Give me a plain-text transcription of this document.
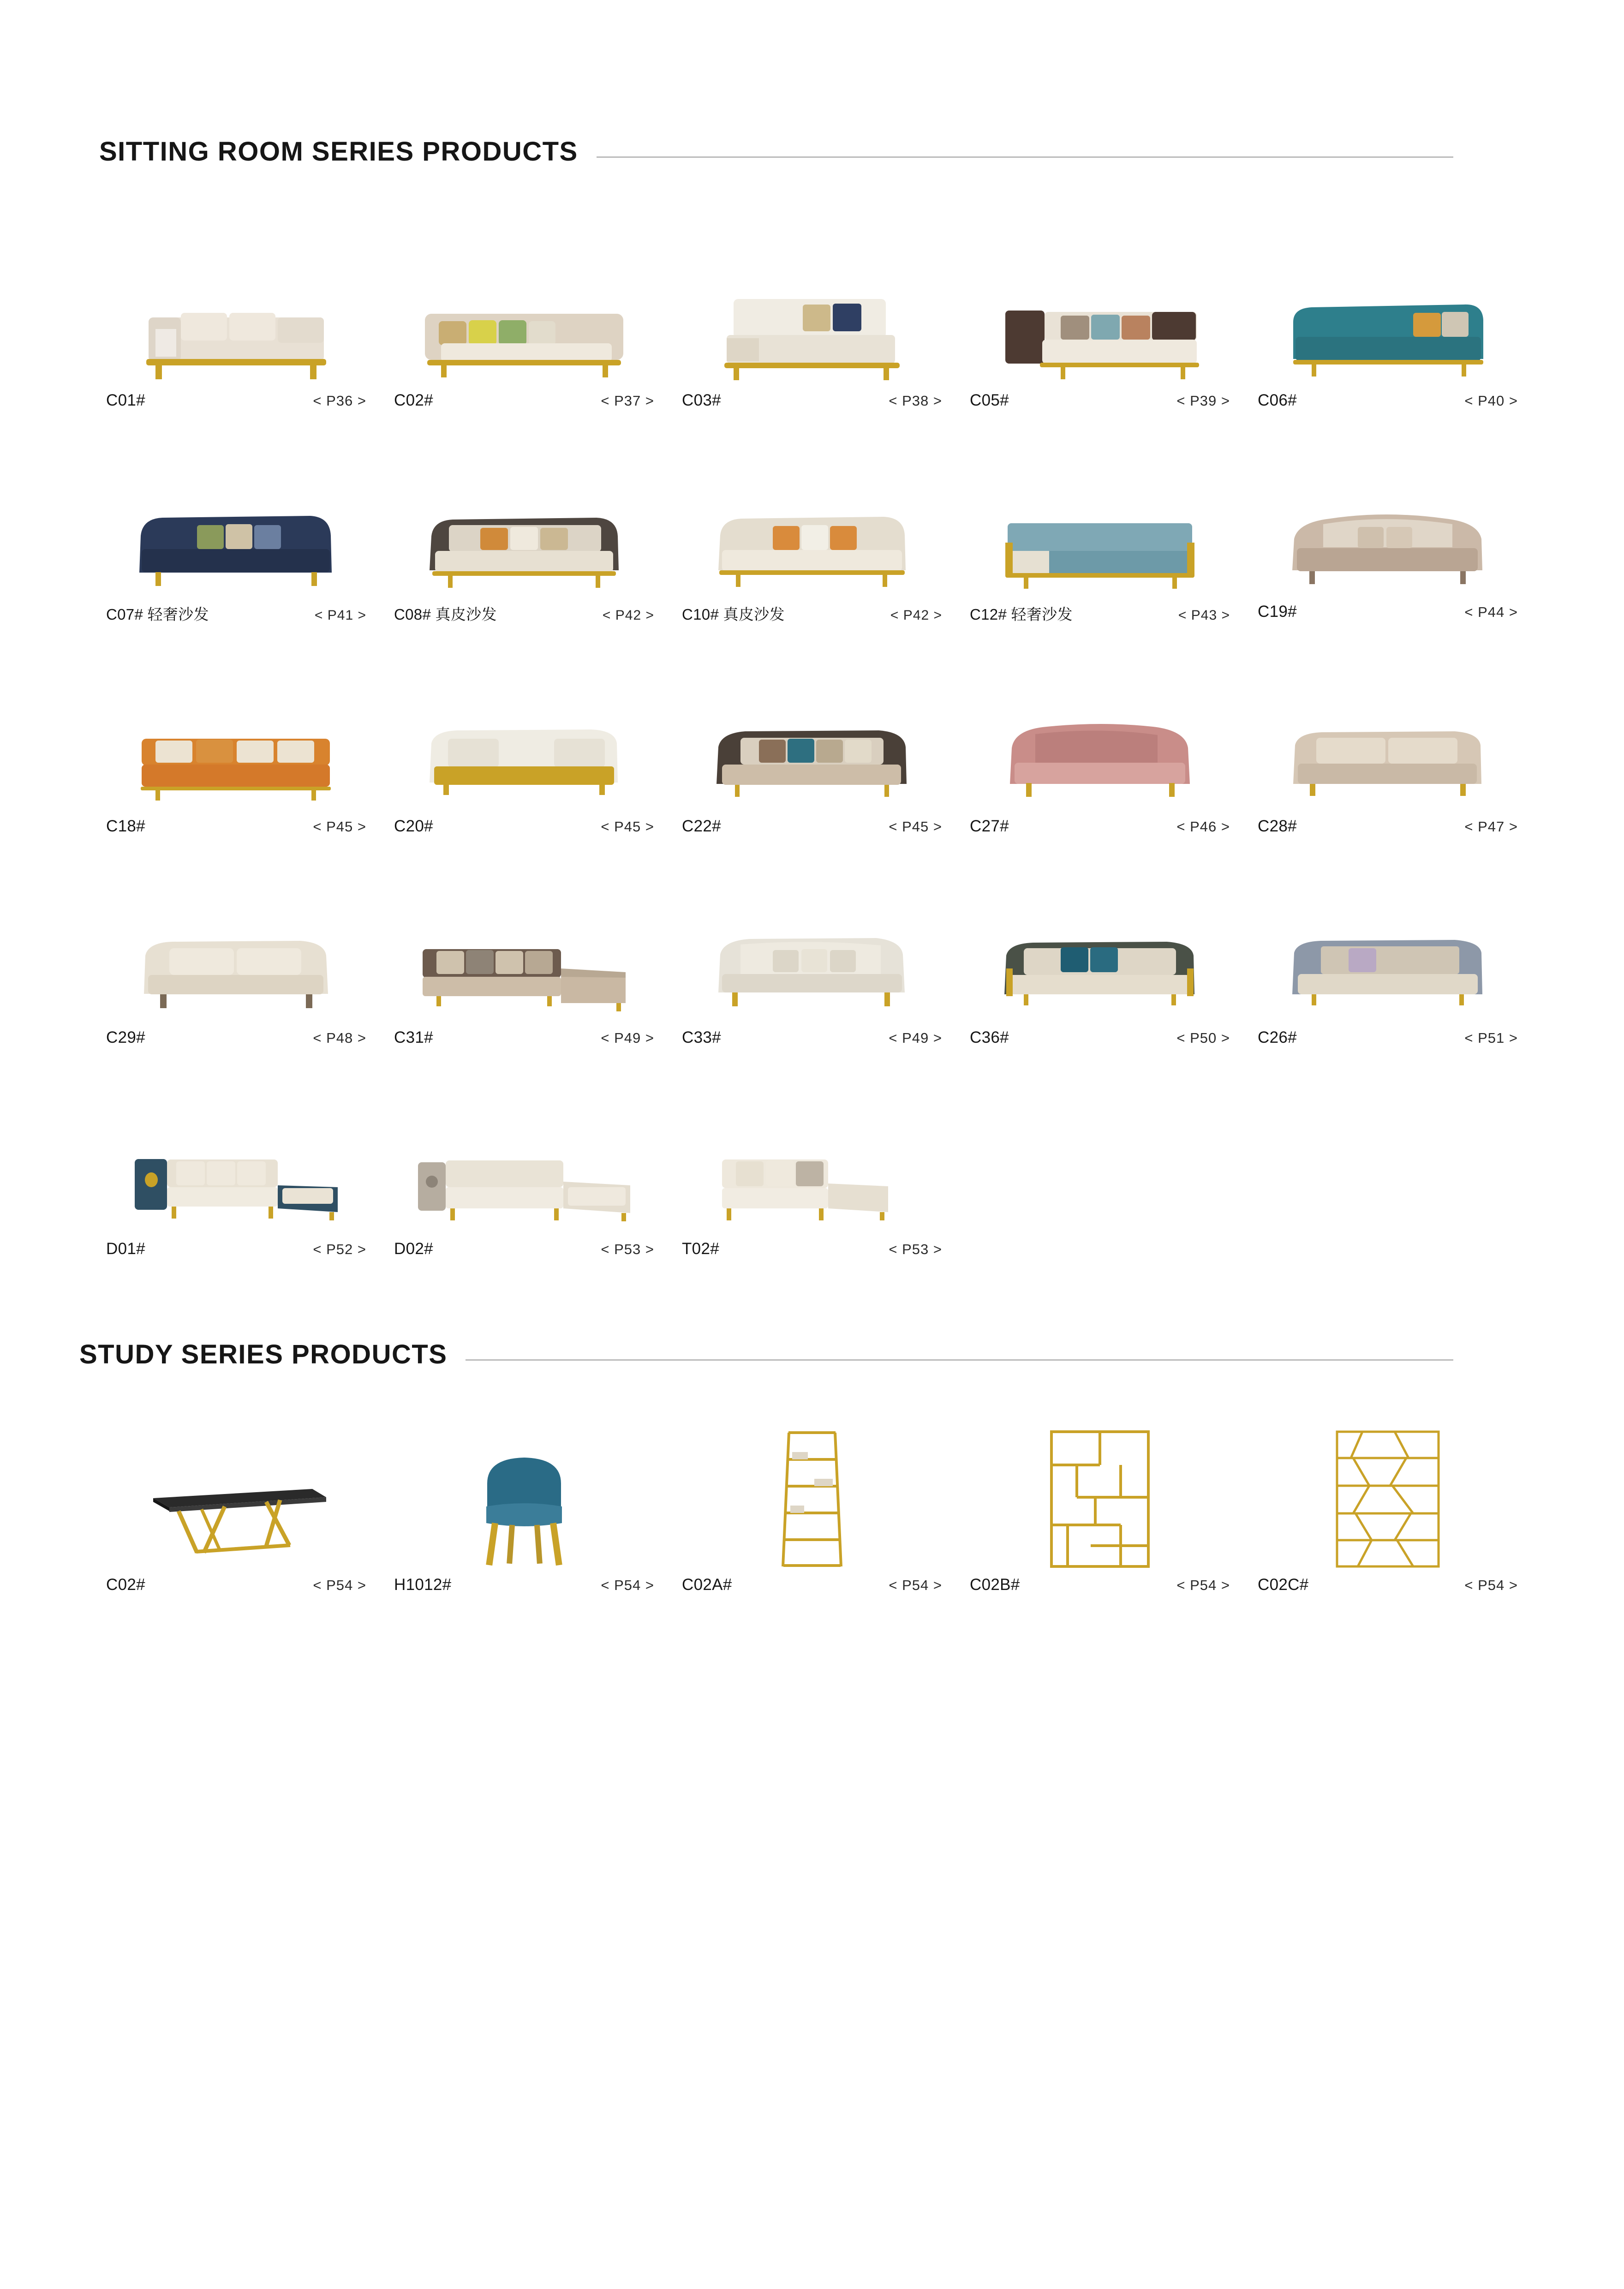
SITTING ROOM SERIES PRODUCTS
C01#	< P36 > C02#	< P37 > C03#	< P38 > C05#	< P39 > C06#	< P40 >
C07# 轻奢沙发	< P41 > C08# 真皮沙发	< P42 > C10# 真皮沙发	< P42 > C12# 轻奢沙发	< P43 > C19#	< P44 >
C18#	< P45 > C20#	< P45 > C22#	< P45 > C27#	< P46 > C28#	< P47 >
C29#	< P48 > C31#	< P49 > C33#	< P49 > C36#	< P50 > C26#	< P51 >
D01#	< P52 > D02#	< P53 > T02#	< P53 >
STUDY SERIES PRODUCTS
C02#	< P54 > H1012#	< P54 > C02A#	< P54 > C02B#	< P54 > C02C#	< P54 >
